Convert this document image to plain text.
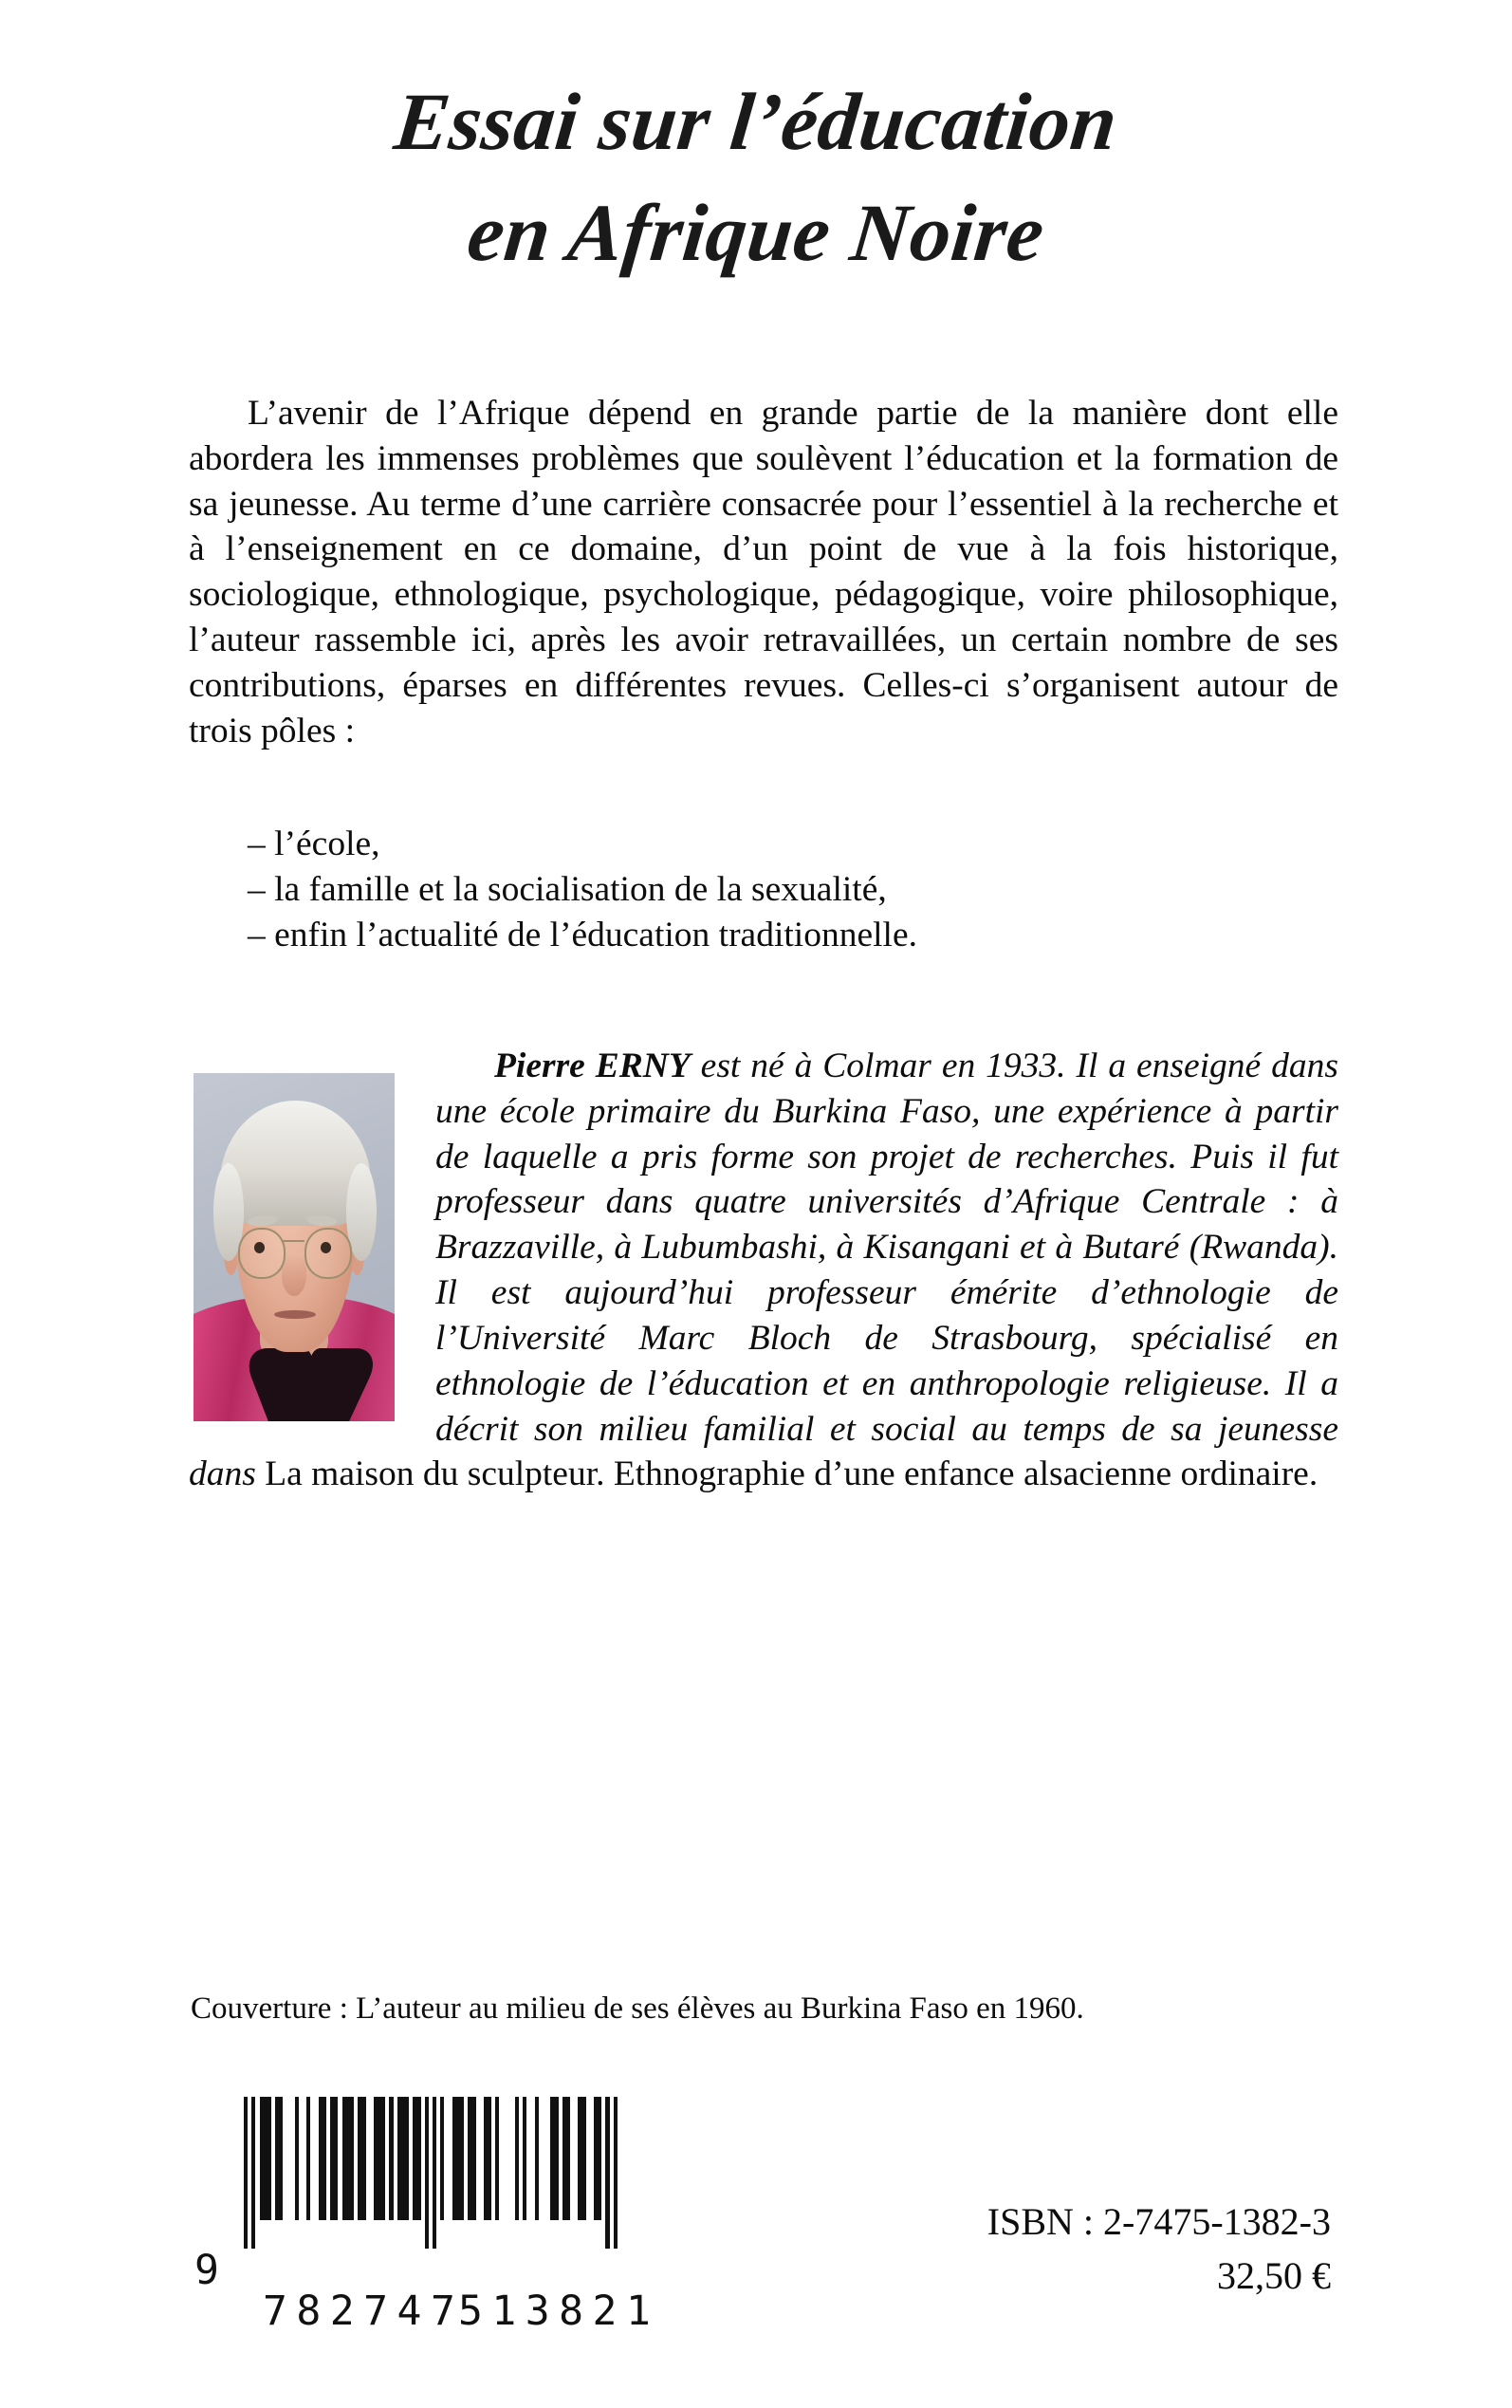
Essai sur l’éducation
en Afrique Noire

L’avenir de l’Afrique dépend en grande partie de la manière dont elle abordera les immenses problèmes que soulèvent l’éducation et la formation de sa jeunesse. Au terme d’une carrière consacrée pour l’essentiel à la recherche et à l’enseignement en ce domaine, d’un point de vue à la fois historique, sociologique, ethnologique, psychologique, pédagogique, voire philosophique, l’auteur rassemble ici, après les avoir retravaillées, un certain nombre de ses contributions, éparses en différentes revues. Celles-ci s’organisent autour de trois pôles :

– l’école,
– la famille et la socialisation de la sexualité,
– enfin l’actualité de l’éducation traditionnelle.

Pierre ERNY est né à Colmar en 1933. Il a enseigné dans une école primaire du Burkina Faso, une expérience à partir de laquelle a pris forme son projet de recherches. Puis il fut professeur dans quatre universités d’Afrique Centrale : à Brazzaville, à Lubumbashi, à Kisangani et à Butaré (Rwanda). Il est aujourd’hui professeur émérite d’ethnologie de l’Université Marc Bloch de Strasbourg, spécialisé en ethnologie de l’éducation et en anthropologie religieuse. Il a décrit son milieu familial et social au temps de sa jeunesse dans La maison du sculpteur. Ethnographie d’une enfance alsacienne ordinaire.

Couverture : L’auteur au milieu de ses élèves au Burkina Faso en 1960.
9
782747
513821
ISBN : 2-7475-1382-3
32,50 €
